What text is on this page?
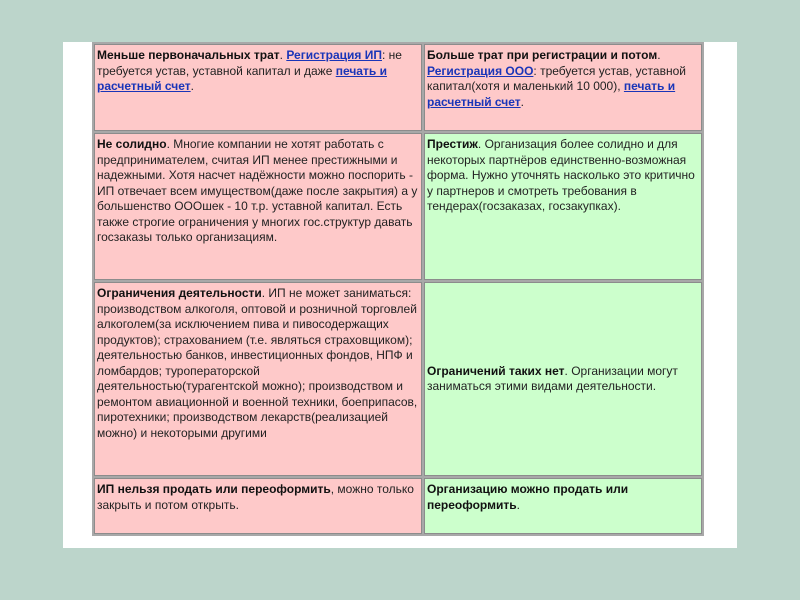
Меньше первоначальных трат. Регистрация ИП: не требуется устав, уставной капитал и даже печать и расчетный счет.	Больше трат при регистрации и потом. Регистрация ООО: требуется устав, уставной капитал(хотя и маленький 10 000), печать и расчетный счет.
Не солидно. Многие компании не хотят работать с предпринимателем, считая ИП менее престижными и надежными. Хотя насчет надёжности можно поспорить - ИП отвечает всем имуществом(даже после закрытия) а у большенство ОООшек - 10 т.р. уставной капитал. Есть также строгие ограничения у многих гос.структур давать госзаказы только организациям.	Престиж. Организация более солидно и для некоторых партнёров единственно-возможная форма. Нужно уточнять насколько это критично у партнеров и смотреть требования в тендерах(госзаказах, госзакупках).
Ограничения деятельности. ИП не может заниматься: производством алкоголя, оптовой и розничной торговлей алкоголем(за исключением пива и пивосодержащих продуктов); страхованием (т.е. являться страховщиком); деятельностью банков, инвестиционных фондов, НПФ и ломбардов; туроператорской деятельностью(турагентской можно); производством и ремонтом авиационной и военной техники, боеприпасов, пиротехники; производством лекарств(реализацией можно) и некоторыми другими	Ограничений таких нет. Организации могут заниматься этими видами деятельности.
ИП нельзя продать или переоформить, можно только закрыть и потом открыть.	Организацию можно продать или переоформить.
